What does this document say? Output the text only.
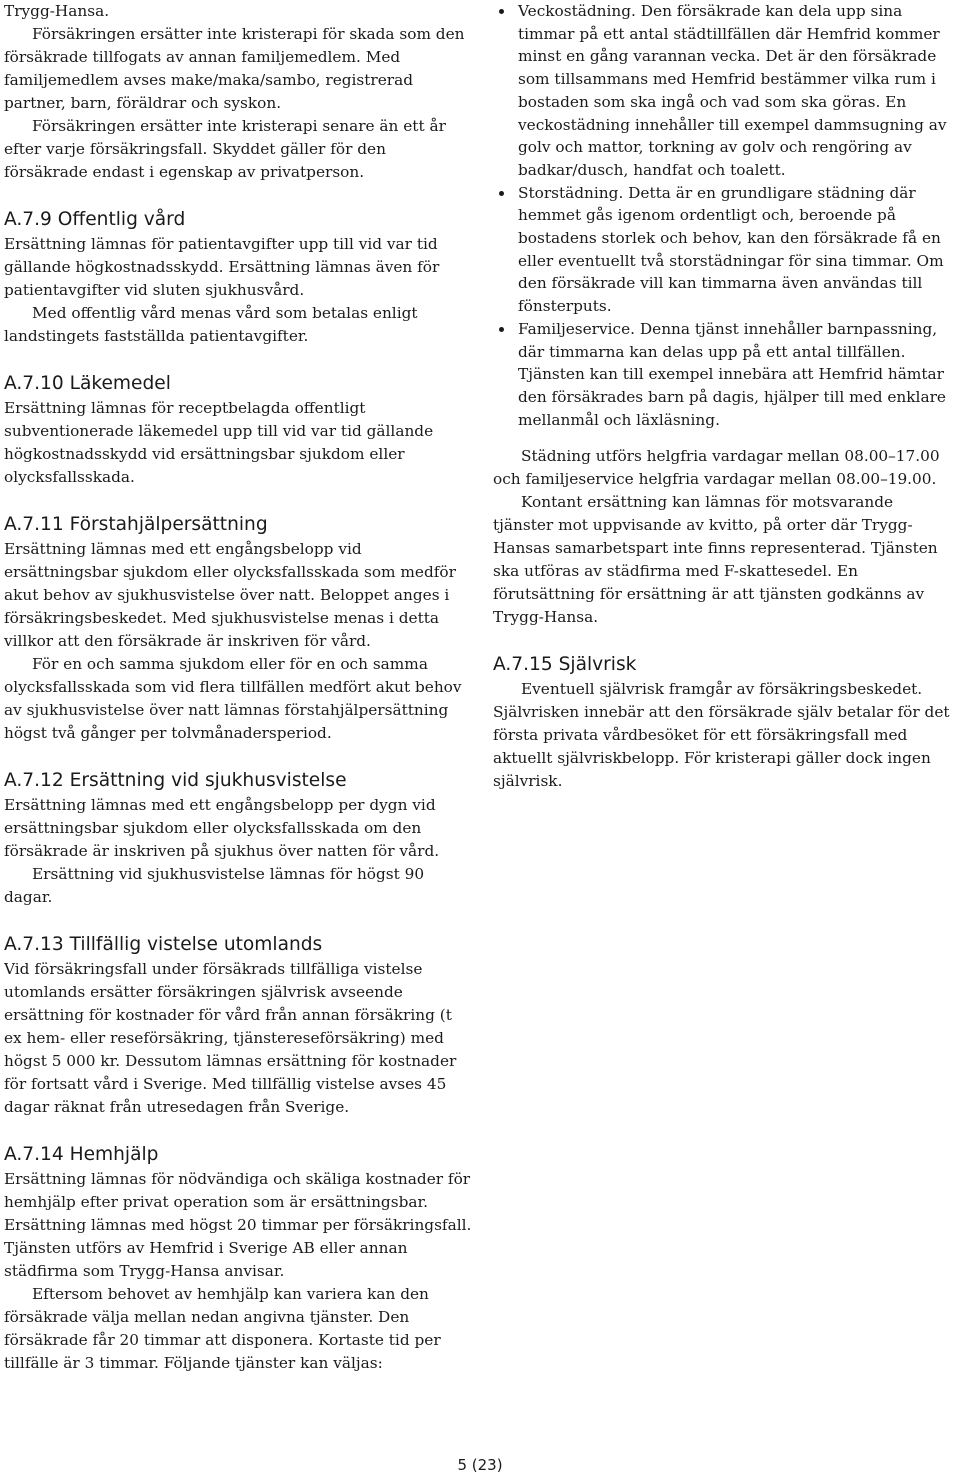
Trygg-Hansa.

Försäkringen ersätter inte kristerapi för skada som den försäkrade tillfogats av annan familjemedlem. Med familjemedlem avses make/maka/sambo, registrerad partner, barn, föräldrar och syskon.

Försäkringen ersätter inte kristerapi senare än ett år efter varje försäkringsfall. Skyddet gäller för den försäkrade endast i egenskap av privatperson.

A.7.9 Offentlig vård

Ersättning lämnas för patientavgifter upp till vid var tid gällande högkostnadsskydd. Ersättning lämnas även för patientavgifter vid sluten sjukhusvård.

Med offentlig vård menas vård som betalas enligt landstingets fastställda patientavgifter.

A.7.10 Läkemedel

Ersättning lämnas för receptbelagda offentligt subventionerade läkemedel upp till vid var tid gällande högkostnadsskydd vid ersättningsbar sjukdom eller olycksfallsskada.

A.7.11 Förstahjälpersättning

Ersättning lämnas med ett engångsbelopp vid ersättningsbar sjukdom eller olycksfallsskada som medför akut behov av sjukhusvistelse över natt. Beloppet anges i försäkringsbeskedet. Med sjukhusvistelse menas i detta villkor att den försäkrade är inskriven för vård.

För en och samma sjukdom eller för en och samma olycksfallsskada som vid flera tillfällen medfört akut behov av sjukhusvistelse över natt lämnas förstahjälpersättning högst två gånger per tolvmånadersperiod.

A.7.12 Ersättning vid sjukhusvistelse

Ersättning lämnas med ett engångsbelopp per dygn vid ersättningsbar sjukdom eller olycksfallsskada om den försäkrade är inskriven på sjukhus över natten för vård.

Ersättning vid sjukhusvistelse lämnas för högst 90 dagar.

A.7.13 Tillfällig vistelse utomlands

Vid försäkringsfall under försäkrads tillfälliga vistelse utomlands ersätter försäkringen självrisk avseende ersättning för kostnader för vård från annan försäkring (t ex hem- eller reseförsäkring, tjänstereseförsäkring) med högst 5 000 kr. Dessutom lämnas ersättning för kostnader för fortsatt vård i Sverige. Med tillfällig vistelse avses 45 dagar räknat från utresedagen från Sverige.

A.7.14 Hemhjälp

Ersättning lämnas för nödvändiga och skäliga kostnader för hemhjälp efter privat operation som är ersättningsbar. Ersättning lämnas med högst 20 timmar per försäkringsfall. Tjänsten utförs av Hemfrid i Sverige AB eller annan städfirma som Trygg-Hansa anvisar.

Eftersom behovet av hemhjälp kan variera kan den försäkrade välja mellan nedan angivna tjänster. Den försäkrade får 20 timmar att disponera. Kortaste tid per tillfälle är 3 timmar. Följande tjänster kan väljas:

Veckostädning. Den försäkrade kan dela upp sina timmar på ett antal städtillfällen där Hemfrid kommer minst en gång varannan vecka. Det är den försäkrade som tillsammans med Hemfrid bestämmer vilka rum i bostaden som ska ingå och vad som ska göras. En veckostädning innehåller till exempel dammsugning av golv och mattor, torkning av golv och rengöring av badkar/dusch, handfat och toalett.
Storstädning. Detta är en grundligare städning där hemmet gås igenom ordentligt och, beroende på bostadens storlek och behov, kan den försäkrade få en eller eventuellt två storstädningar för sina timmar. Om den försäkrade vill kan timmarna även användas till fönsterputs.
Familjeservice. Denna tjänst innehåller barnpassning, där timmarna kan delas upp på ett antal tillfällen. Tjänsten kan till exempel innebära att Hemfrid hämtar den försäkrades barn på dagis, hjälper till med enklare mellanmål och läxläsning.

Städning utförs helgfria vardagar mellan 08.00–17.00 och familjeservice helgfria vardagar mellan 08.00–19.00.

Kontant ersättning kan lämnas för motsvarande tjänster mot uppvisande av kvitto, på orter där Trygg-Hansas samarbetspart inte finns representerad. Tjänsten ska utföras av städfirma med F-skattesedel. En förutsättning för ersättning är att tjänsten godkänns av Trygg-Hansa.

A.7.15 Självrisk

Eventuell självrisk framgår av försäkringsbeskedet. Självrisken innebär att den försäkrade själv betalar för det första privata vårdbesöket för ett försäkringsfall med aktuellt självriskbelopp. För kristerapi gäller dock ingen självrisk.

5 (23)
